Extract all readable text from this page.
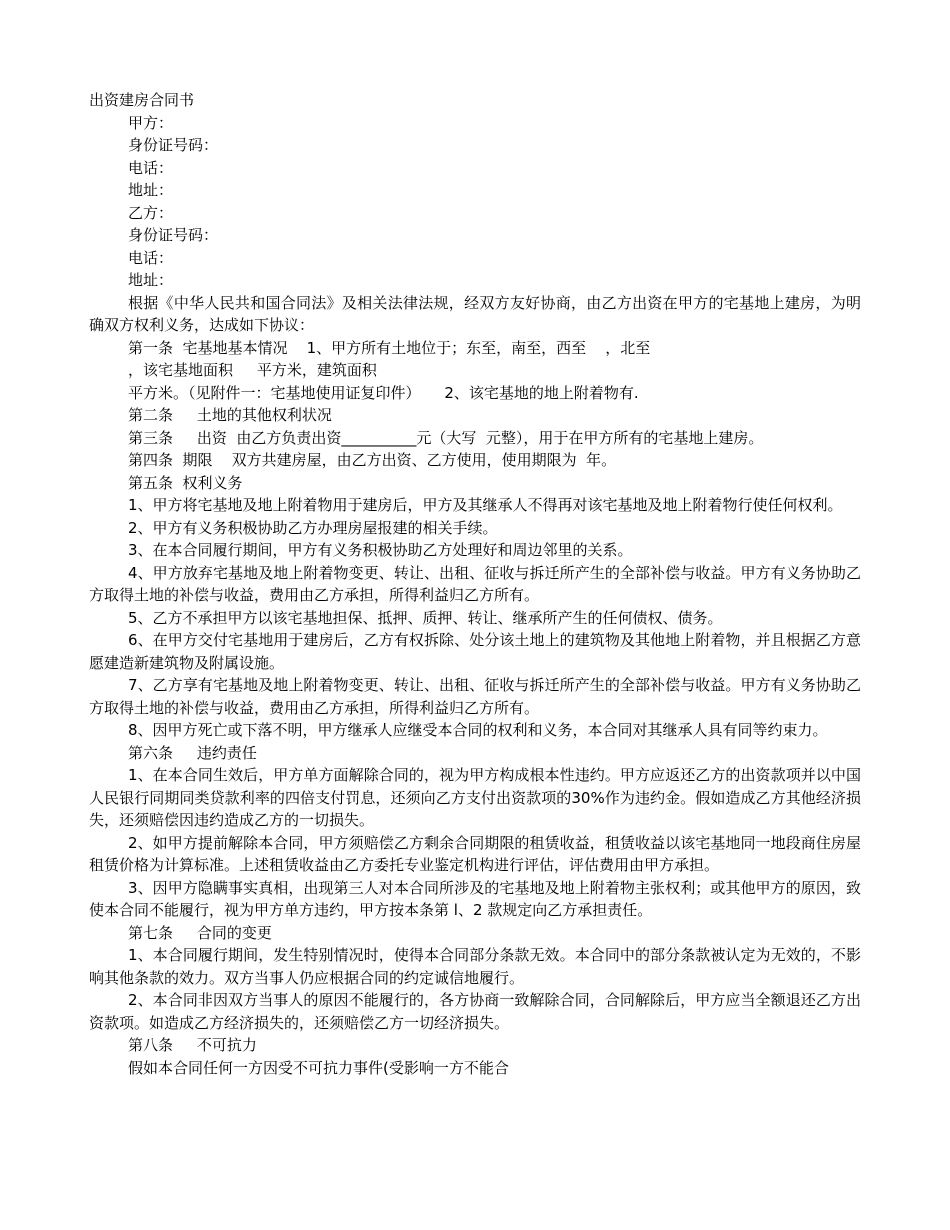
出资建房合同书
甲方：
身份证号码：
电话：
地址：
乙方：
身份证号码：
电话：
地址：
根据《中华人民共和国合同法》及相关法律法规，经双方友好协商，由乙方出资在甲方的宅基地上建房，为明确双方权利义务，达成如下协议：
第一条  宅基地基本情况    1、甲方所有土地位于；东至，南至，西至    ，北至
，该宅基地面积     平方米，建筑面积
平方米。（见附件一：宅基地使用证复印件）     2、该宅基地的地上附着物有.
第二条     土地的其他权利状况
第三条     出资  由乙方负责出资__________元（大写  元整），用于在甲方所有的宅基地上建房。
第四条  期限    双方共建房屋，由乙方出资、乙方使用，使用期限为  年。
第五条  权利义务
1、甲方将宅基地及地上附着物用于建房后，甲方及其继承人不得再对该宅基地及地上附着物行使任何权利。
2、甲方有义务积极协助乙方办理房屋报建的相关手续。
3、在本合同履行期间，甲方有义务积极协助乙方处理好和周边邻里的关系。
4、甲方放弃宅基地及地上附着物变更、转让、出租、征收与拆迁所产生的全部补偿与收益。甲方有义务协助乙方取得土地的补偿与收益，费用由乙方承担，所得利益归乙方所有。
5、乙方不承担甲方以该宅基地担保、抵押、质押、转让、继承所产生的任何债权、债务。
6、在甲方交付宅基地用于建房后，乙方有权拆除、处分该土地上的建筑物及其他地上附着物，并且根据乙方意愿建造新建筑物及附属设施。
7、乙方享有宅基地及地上附着物变更、转让、出租、征收与拆迁所产生的全部补偿与收益。甲方有义务协助乙方取得土地的补偿与收益，费用由乙方承担，所得利益归乙方所有。
8、因甲方死亡或下落不明，甲方继承人应继受本合同的权利和义务，本合同对其继承人具有同等约束力。
第六条     违约责任
1、在本合同生效后，甲方单方面解除合同的，视为甲方构成根本性违约。甲方应返还乙方的出资款项并以中国人民银行同期同类贷款利率的四倍支付罚息，还须向乙方支付出资款项的30%作为违约金。假如造成乙方其他经济损失，还须赔偿因违约造成乙方的一切损失。
2、如甲方提前解除本合同，甲方须赔偿乙方剩余合同期限的租赁收益，租赁收益以该宅基地同一地段商住房屋租赁价格为计算标准。上述租赁收益由乙方委托专业鉴定机构进行评估，评估费用由甲方承担。
3、因甲方隐瞒事实真相，出现第三人对本合同所涉及的宅基地及地上附着物主张权利；或其他甲方的原因，致使本合同不能履行，视为甲方单方违约，甲方按本条第 l、2 款规定向乙方承担责任。
第七条     合同的变更
1、本合同履行期间，发生特别情况时，使得本合同部分条款无效。本合同中的部分条款被认定为无效的，不影响其他条款的效力。双方当事人仍应根据合同的约定诚信地履行。
2、本合同非因双方当事人的原因不能履行的，各方协商一致解除合同，合同解除后，甲方应当全额退还乙方出资款项。如造成乙方经济损失的，还须赔偿乙方一切经济损失。
第八条     不可抗力
假如本合同任何一方因受不可抗力事件(受影响一方不能合
